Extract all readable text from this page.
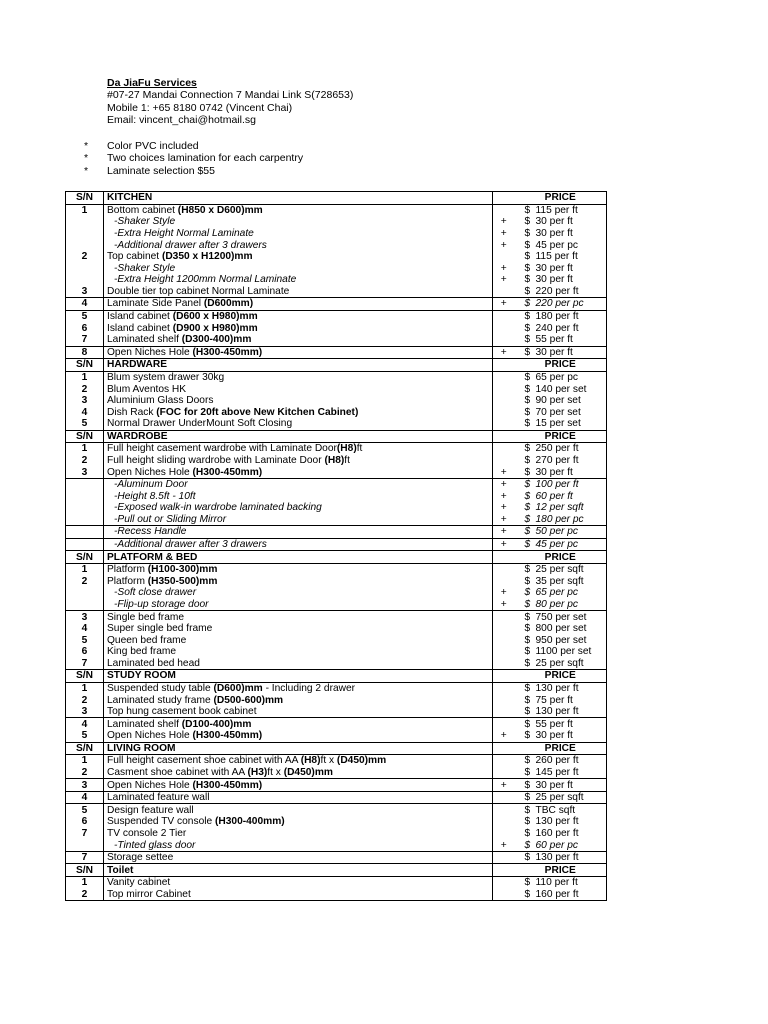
Da JiaFu Services
#07-27 Mandai Connection 7 Mandai Link S(728653)
Mobile 1: +65 8180 0742 (Vincent Chai)
Email: vincent_chai@hotmail.sg
*	Color PVC included
*	Two choices lamination for each carpentry
*	Laminate selection $55
S/N	KITCHEN		PRICE
1	Bottom cabinet (H850 x D600)mm		$ 115 per ft
	-Shaker Style	+	$ 30 per ft
	-Extra Height Normal Laminate	+	$ 30 per ft
	-Additional drawer after 3 drawers	+	$ 45 per pc
2	Top cabinet (D350 x H1200)mm		$ 115 per ft
	-Shaker Style	+	$ 30 per ft
	-Extra Height 1200mm Normal Laminate	+	$ 30 per ft
3	Double tier top cabinet Normal Laminate		$ 220 per ft
4	Laminate Side Panel (D600mm)	+	$ 220 per pc
5	Island cabinet (D600 x H980)mm		$ 180 per ft
6	Island cabinet (D900 x H980)mm		$ 240 per ft
7	Laminated shelf (D300-400)mm		$ 55 per ft
8	Open Niches Hole (H300-450mm)	+	$ 30 per ft
S/N	HARDWARE		PRICE
1	Blum system drawer 30kg		$ 65 per pc
2	Blum Aventos HK		$ 140 per set
3	Aluminium Glass Doors		$ 90 per set
4	Dish Rack (FOC for 20ft above New Kitchen Cabinet)		$ 70 per set
5	Normal Drawer UnderMount Soft Closing		$ 15 per set
S/N	WARDROBE		PRICE
1	Full height casement wardrobe with Laminate Door(H8)ft		$ 250 per ft
2	Full height sliding wardrobe with Laminate Door (H8)ft		$ 270 per ft
3	Open Niches Hole (H300-450mm)	+	$ 30 per ft
	-Aluminum Door	+	$ 100 per ft
	-Height 8.5ft - 10ft	+	$ 60 per ft
	-Exposed walk-in wardrobe laminated backing	+	$ 12 per sqft
	-Pull out or Sliding Mirror	+	$ 180 per pc
	-Recess Handle	+	$ 50 per pc
	-Additional drawer after 3 drawers	+	$ 45 per pc
S/N	PLATFORM & BED		PRICE
1	Platform (H100-300)mm		$ 25 per sqft
2	Platform (H350-500)mm		$ 35 per sqft
	-Soft close drawer	+	$ 65 per pc
	-Flip-up storage door	+	$ 80 per pc
3	Single bed frame		$ 750 per set
4	Super single bed frame		$ 800 per set
5	Queen bed frame		$ 950 per set
6	King bed frame		$ 1100 per set
7	Laminated bed head		$ 25 per sqft
S/N	STUDY ROOM		PRICE
1	Suspended study table (D600)mm - Including 2 drawer		$ 130 per ft
2	Laminated study frame (D500-600)mm		$ 75 per ft
3	Top hung casement book cabinet		$ 130 per ft
4	Laminated shelf (D100-400)mm		$ 55 per ft
5	Open Niches Hole (H300-450mm)	+	$ 30 per ft
S/N	LIVING ROOM		PRICE
1	Full height casement shoe cabinet with AA (H8)ft x (D450)mm		$ 260 per ft
2	Casment shoe cabinet with AA (H3)ft x (D450)mm		$ 145 per ft
3	Open Niches Hole (H300-450mm)	+	$ 30 per ft
4	Laminated feature wall		$ 25 per sqft
5	Design feature wall		$ TBC sqft
6	Suspended TV console (H300-400mm)		$ 130 per ft
7	TV console 2 Tier		$ 160 per ft
	-Tinted glass door	+	$ 60 per pc
7	Storage settee		$ 130 per ft
S/N	Toilet		PRICE
1	Vanity cabinet		$ 110 per ft
2	Top mirror Cabinet		$ 160 per ft
